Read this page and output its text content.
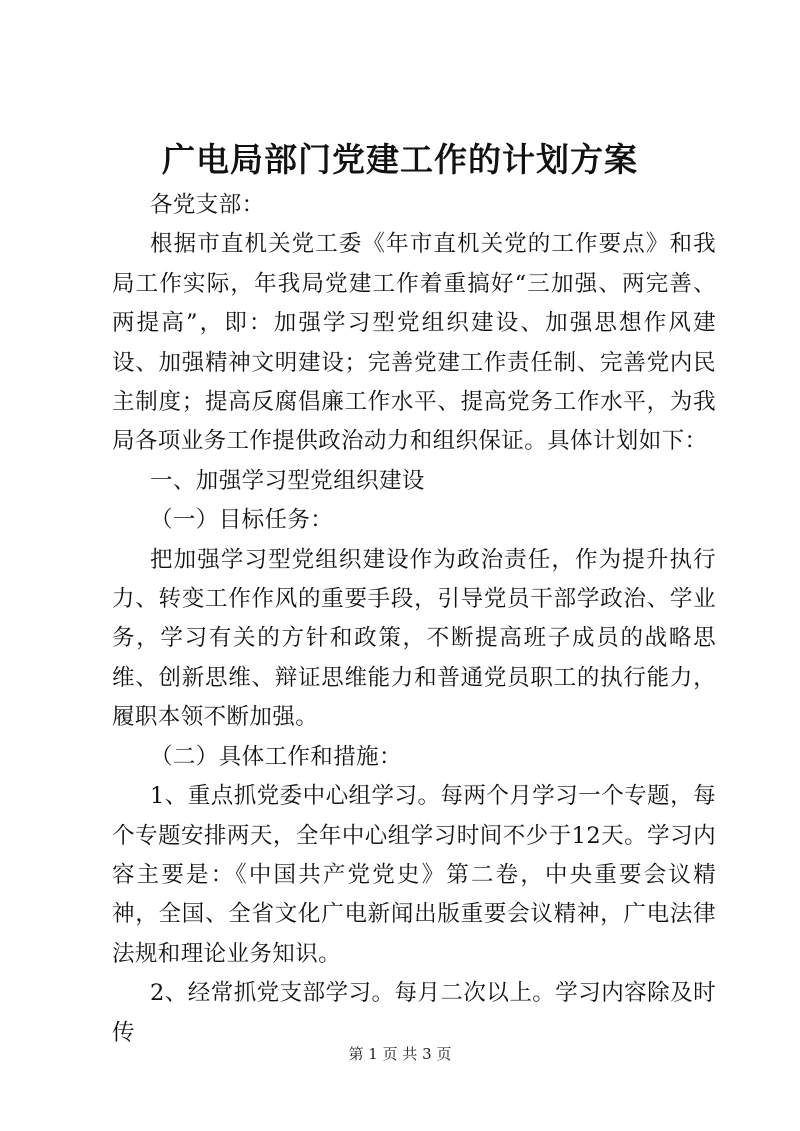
广电局部门党建工作的计划方案

各党支部：

根据市直机关党工委《年市直机关党的工作要点》和我局工作实际，年我局党建工作着重搞好“三加强、两完善、两提高”，即：加强学习型党组织建设、加强思想作风建设、加强精神文明建设；完善党建工作责任制、完善党内民主制度；提高反腐倡廉工作水平、提高党务工作水平，为我局各项业务工作提供政治动力和组织保证。具体计划如下：

一、加强学习型党组织建设

（一）目标任务：

把加强学习型党组织建设作为政治责任，作为提升执行力、转变工作作风的重要手段，引导党员干部学政治、学业务，学习有关的方针和政策，不断提高班子成员的战略思维、创新思维、辩证思维能力和普通党员职工的执行能力，履职本领不断加强。

（二）具体工作和措施：

1、重点抓党委中心组学习。每两个月学习一个专题，每个专题安排两天，全年中心组学习时间不少于12天。学习内容主要是：《中国共产党党史》第二卷，中央重要会议精神，全国、全省文化广电新闻出版重要会议精神，广电法律法规和理论业务知识。

2、经常抓党支部学习。每月二次以上。学习内容除及时传

第 1 页 共 3 页
